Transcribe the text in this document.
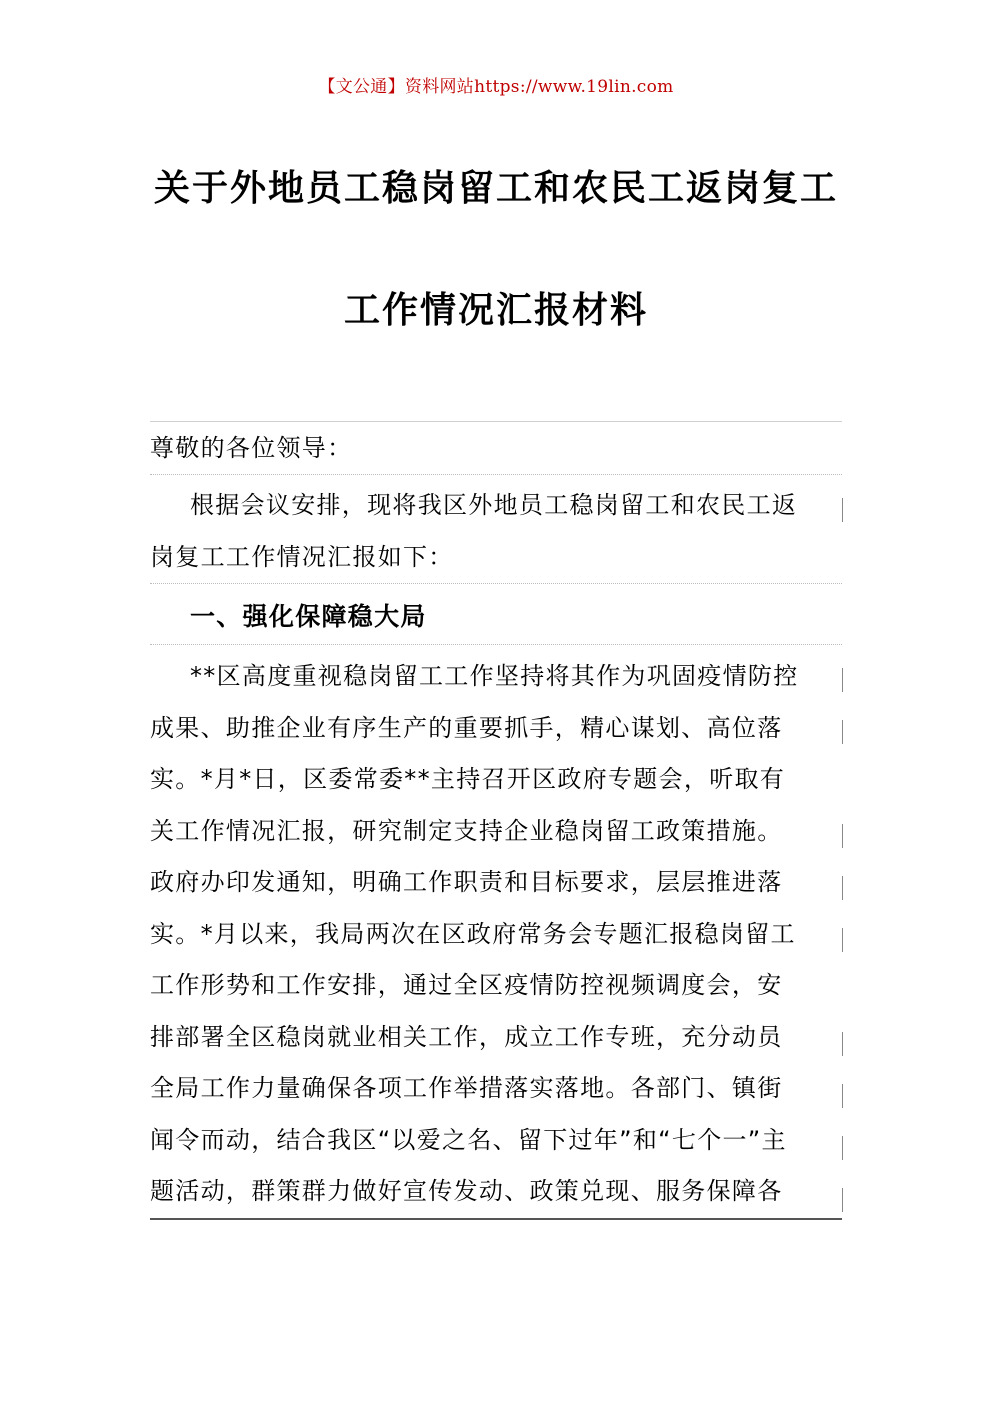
【文公通】资料网站https://www.19lin.com
关于外地员工稳岗留工和农民工返岗复工
工作情况汇报材料
尊敬的各位领导：
根据会议安排，现将我区外地员工稳岗留工和农民工返
岗复工工作情况汇报如下：
一、强化保障稳大局
**区高度重视稳岗留工工作坚持将其作为巩固疫情防控
成果、助推企业有序生产的重要抓手，精心谋划、高位落
实。*月*日，区委常委**主持召开区政府专题会，听取有
关工作情况汇报，研究制定支持企业稳岗留工政策措施。
政府办印发通知，明确工作职责和目标要求，层层推进落
实。*月以来，我局两次在区政府常务会专题汇报稳岗留工
工作形势和工作安排，通过全区疫情防控视频调度会，安
排部署全区稳岗就业相关工作，成立工作专班，充分动员
全局工作力量确保各项工作举措落实落地。各部门、镇街
闻令而动，结合我区“以爱之名、留下过年”和“七个一”主
题活动，群策群力做好宣传发动、政策兑现、服务保障各
